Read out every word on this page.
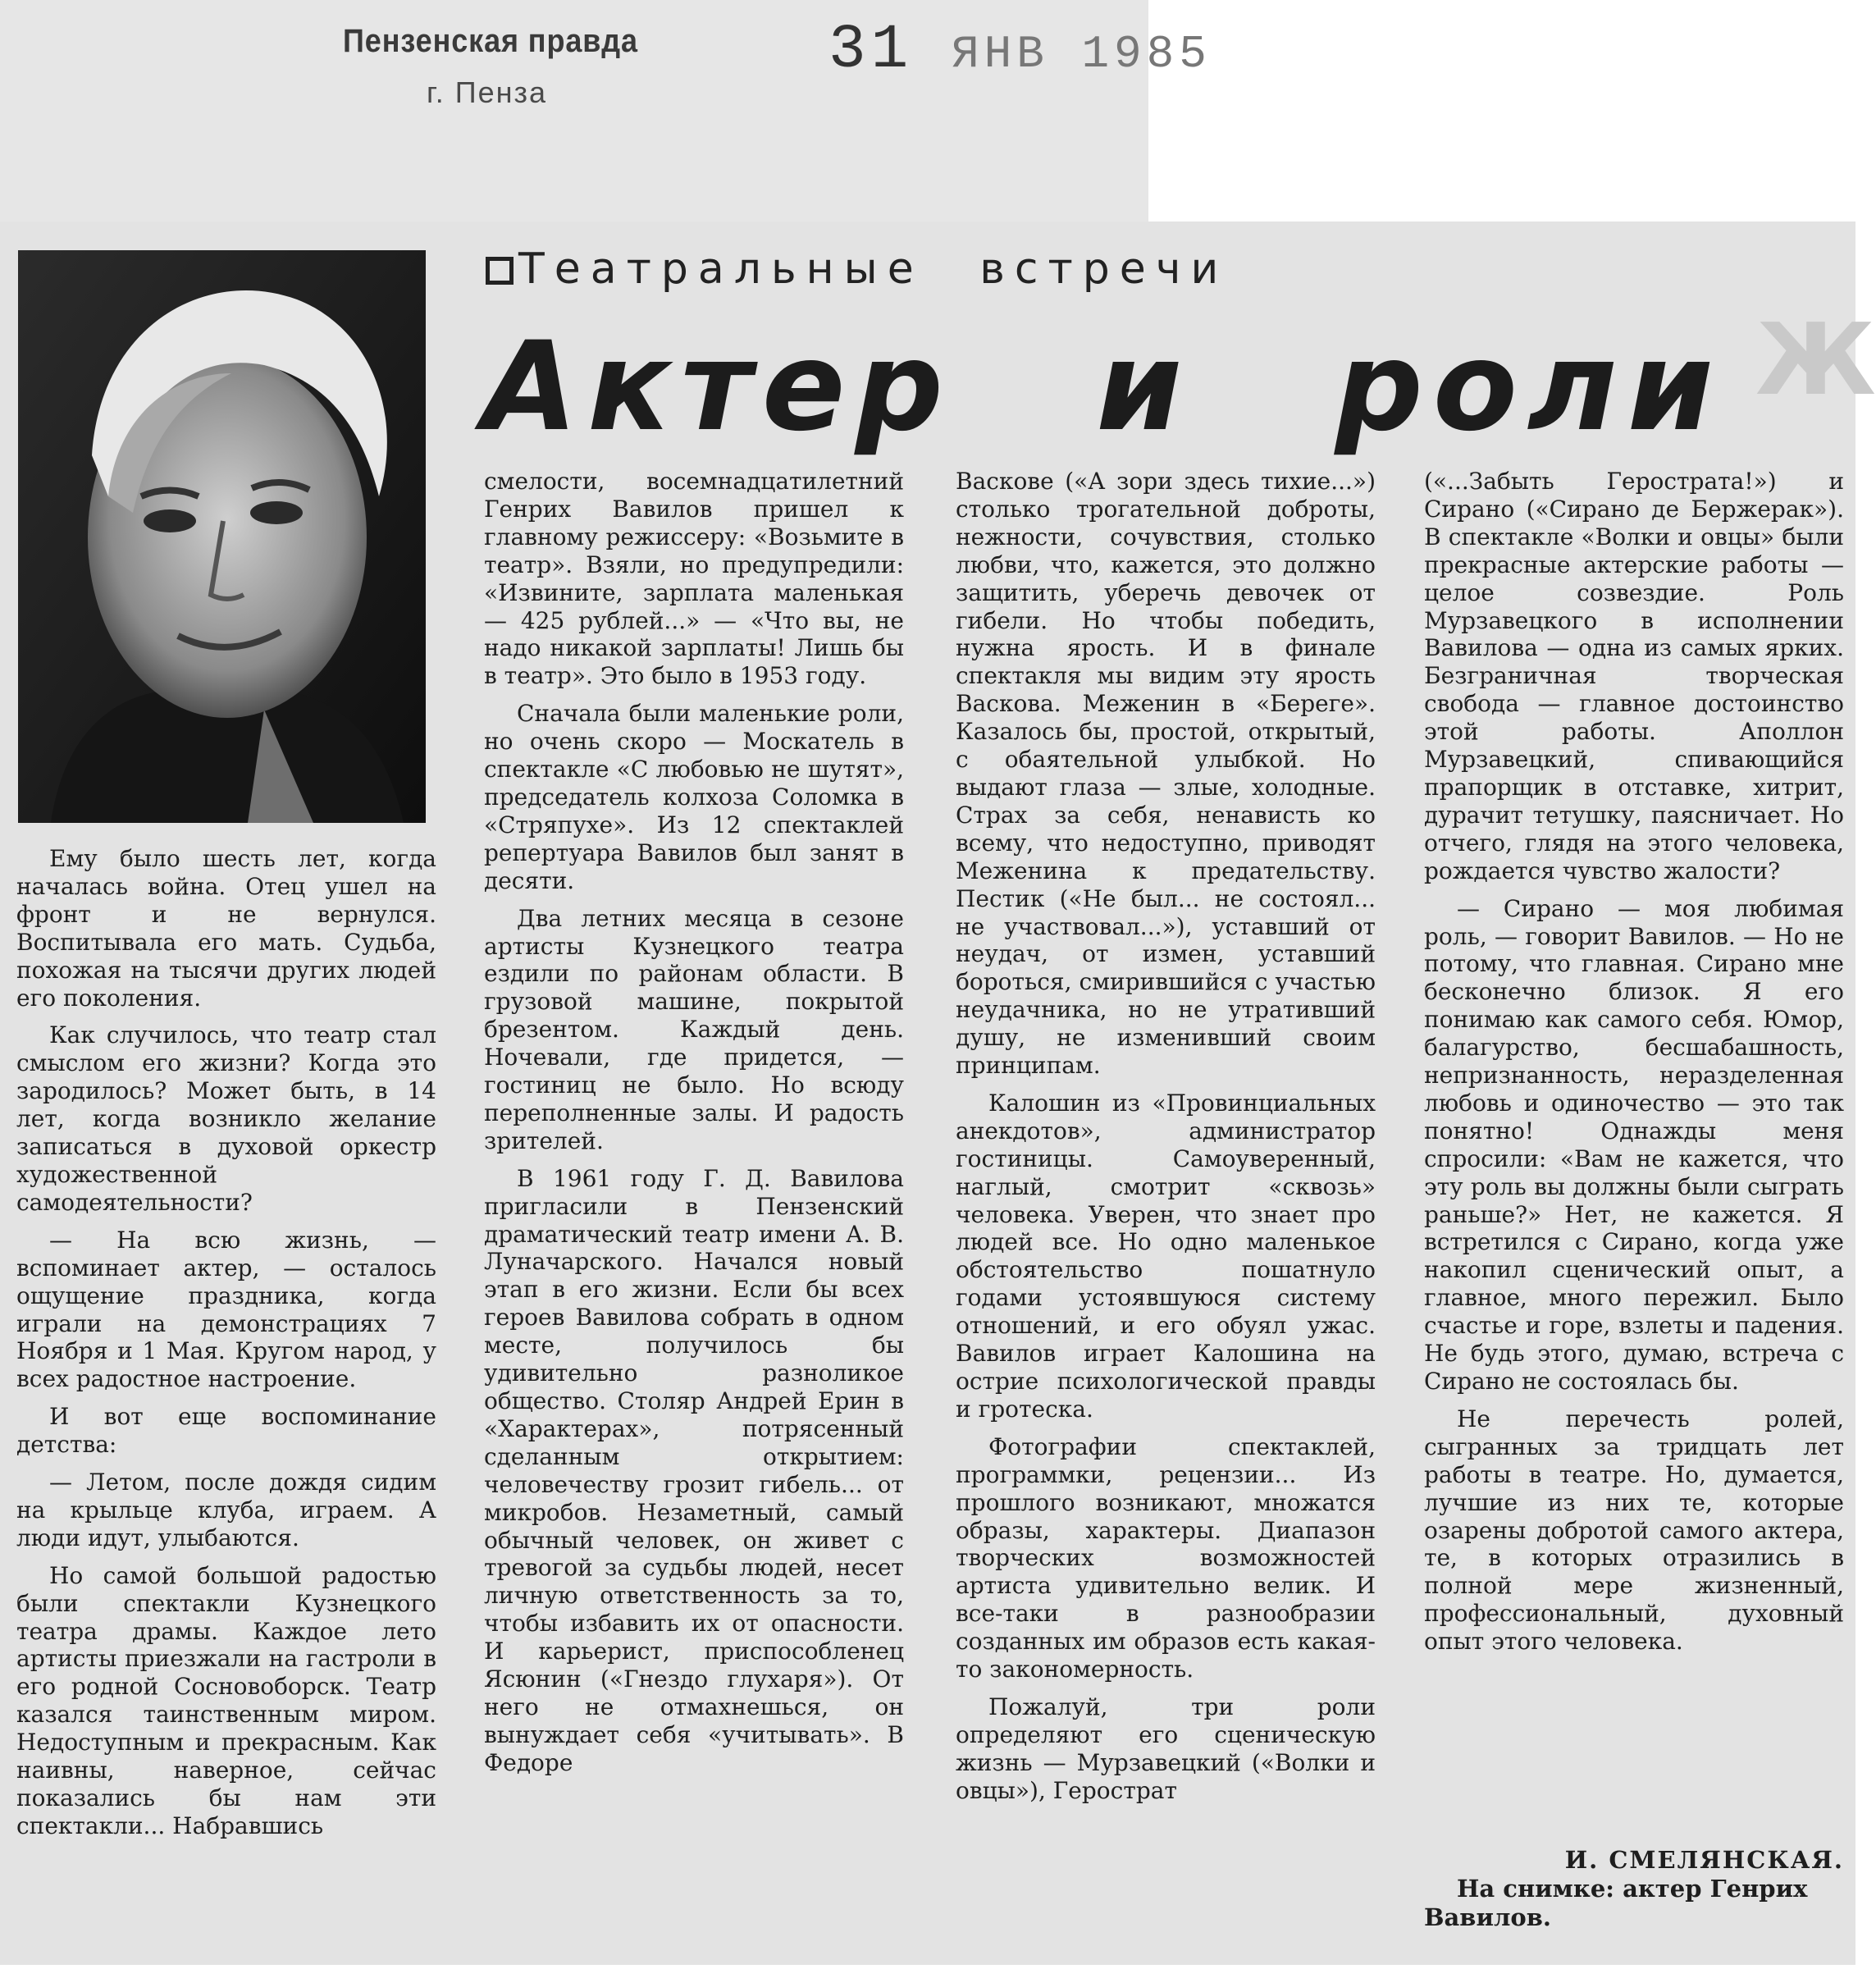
Пензенская правда
г. Пенза
31 ЯНВ 1985
Театральные встречи
Актер и роли Ж

Ему было шесть лет, когда началась война. Отец ушел на фронт и не вернулся. Воспитывала его мать. Судьба, похожая на тысячи других людей его поколения.

Как случилось, что театр стал смыслом его жизни? Когда это зародилось? Может быть, в 14 лет, когда возникло желание записаться в духовой оркестр художественной самодеятельности?

— На всю жизнь, — вспоминает актер, — осталось ощущение праздника, когда играли на демонстрациях 7 Ноября и 1 Мая. Кругом народ, у всех радостное настроение.

И вот еще воспоминание детства:

— Летом, после дождя сидим на крыльце клуба, играем. А люди идут, улыбаются.

Но самой большой радостью были спектакли Кузнецкого театра драмы. Каждое лето артисты приезжали на гастроли в его родной Сосновоборск. Театр казался таинственным миром. Недоступным и прекрасным. Как наивны, наверное, сейчас показались бы нам эти спектакли... Набравшись

смелости, восемнадцатилетний Генрих Вавилов пришел к главному режиссеру: «Возьмите в театр». Взяли, но предупредили: «Извините, зарплата маленькая — 425 рублей...» — «Что вы, не надо никакой зарплаты! Лишь бы в театр». Это было в 1953 году.

Сначала были маленькие роли, но очень скоро — Москатель в спектакле «С любовью не шутят», председатель колхоза Соломка в «Стряпухе». Из 12 спектаклей репертуара Вавилов был занят в десяти.

Два летних месяца в сезоне артисты Кузнецкого театра ездили по районам области. В грузовой машине, покрытой брезентом. Каждый день. Ночевали, где придется, — гостиниц не было. Но всюду переполненные залы. И радость зрителей.

В 1961 году Г. Д. Вавилова пригласили в Пензенский драматический театр имени А. В. Луначарского. Начался новый этап в его жизни. Если бы всех героев Вавилова собрать в одном месте, получилось бы удивительно разноликое общество. Столяр Андрей Ерин в «Характерах», потрясенный сделанным открытием: человечеству грозит гибель... от микробов. Незаметный, самый обычный человек, он живет с тревогой за судьбы людей, несет личную ответственность за то, чтобы избавить их от опасности. И карьерист, приспособленец Ясюнин («Гнездо глухаря»). От него не отмахнешься, он вынуждает себя «учитывать». В Федоре

Васкове («А зори здесь тихие...») столько трогательной доброты, нежности, сочувствия, столько любви, что, кажется, это должно защитить, уберечь девочек от гибели. Но чтобы победить, нужна ярость. И в финале спектакля мы видим эту ярость Васкова. Меженин в «Береге». Казалось бы, простой, открытый, с обаятельной улыбкой. Но выдают глаза — злые, холодные. Страх за себя, ненависть ко всему, что недоступно, приводят Меженина к предательству. Пестик («Не был... не состоял... не участвовал...»), уставший от неудач, от измен, уставший бороться, смирившийся с участью неудачника, но не утративший душу, не изменивший своим принципам.

Калошин из «Провинциальных анекдотов», администратор гостиницы. Самоуверенный, наглый, смотрит «сквозь» человека. Уверен, что знает про людей все. Но одно маленькое обстоятельство пошатнуло годами устоявшуюся систему отношений, и его обуял ужас. Вавилов играет Калошина на острие психологической правды и гротеска.

Фотографии спектаклей, программки, рецензии... Из прошлого возникают, множатся образы, характеры. Диапазон творческих возможностей артиста удивительно велик. И все-таки в разнообразии созданных им образов есть какая-то закономерность.

Пожалуй, три роли определяют его сценическую жизнь — Мурзавецкий («Волки и овцы»), Герострат

(«...Забыть Герострата!») и Сирано («Сирано де Бержерак»). В спектакле «Волки и овцы» были прекрасные актерские работы — целое созвездие. Роль Мурзавецкого в исполнении Вавилова — одна из самых ярких. Безграничная творческая свобода — главное достоинство этой работы. Аполлон Мурзавецкий, спивающийся прапорщик в отставке, хитрит, дурачит тетушку, паясничает. Но отчего, глядя на этого человека, рождается чувство жалости?

— Сирано — моя любимая роль, — говорит Вавилов. — Но не потому, что главная. Сирано мне бесконечно близок. Я его понимаю как самого себя. Юмор, балагурство, бесшабашность, непризнанность, неразделенная любовь и одиночество — это так понятно! Однажды меня спросили: «Вам не кажется, что эту роль вы должны были сыграть раньше?» Нет, не кажется. Я встретился с Сирано, когда уже накопил сценический опыт, а главное, много пережил. Было счастье и горе, взлеты и падения. Не будь этого, думаю, встреча с Сирано не состоялась бы.

Не перечесть ролей, сыгранных за тридцать лет работы в театре. Но, думается, лучшие из них те, которые озарены добротой самого актера, те, в которых отразились в полной мере жизненный, профессиональный, духовный опыт этого человека.

И. СМЕЛЯНСКАЯ.
На снимке: актер Генрих Вавилов.
